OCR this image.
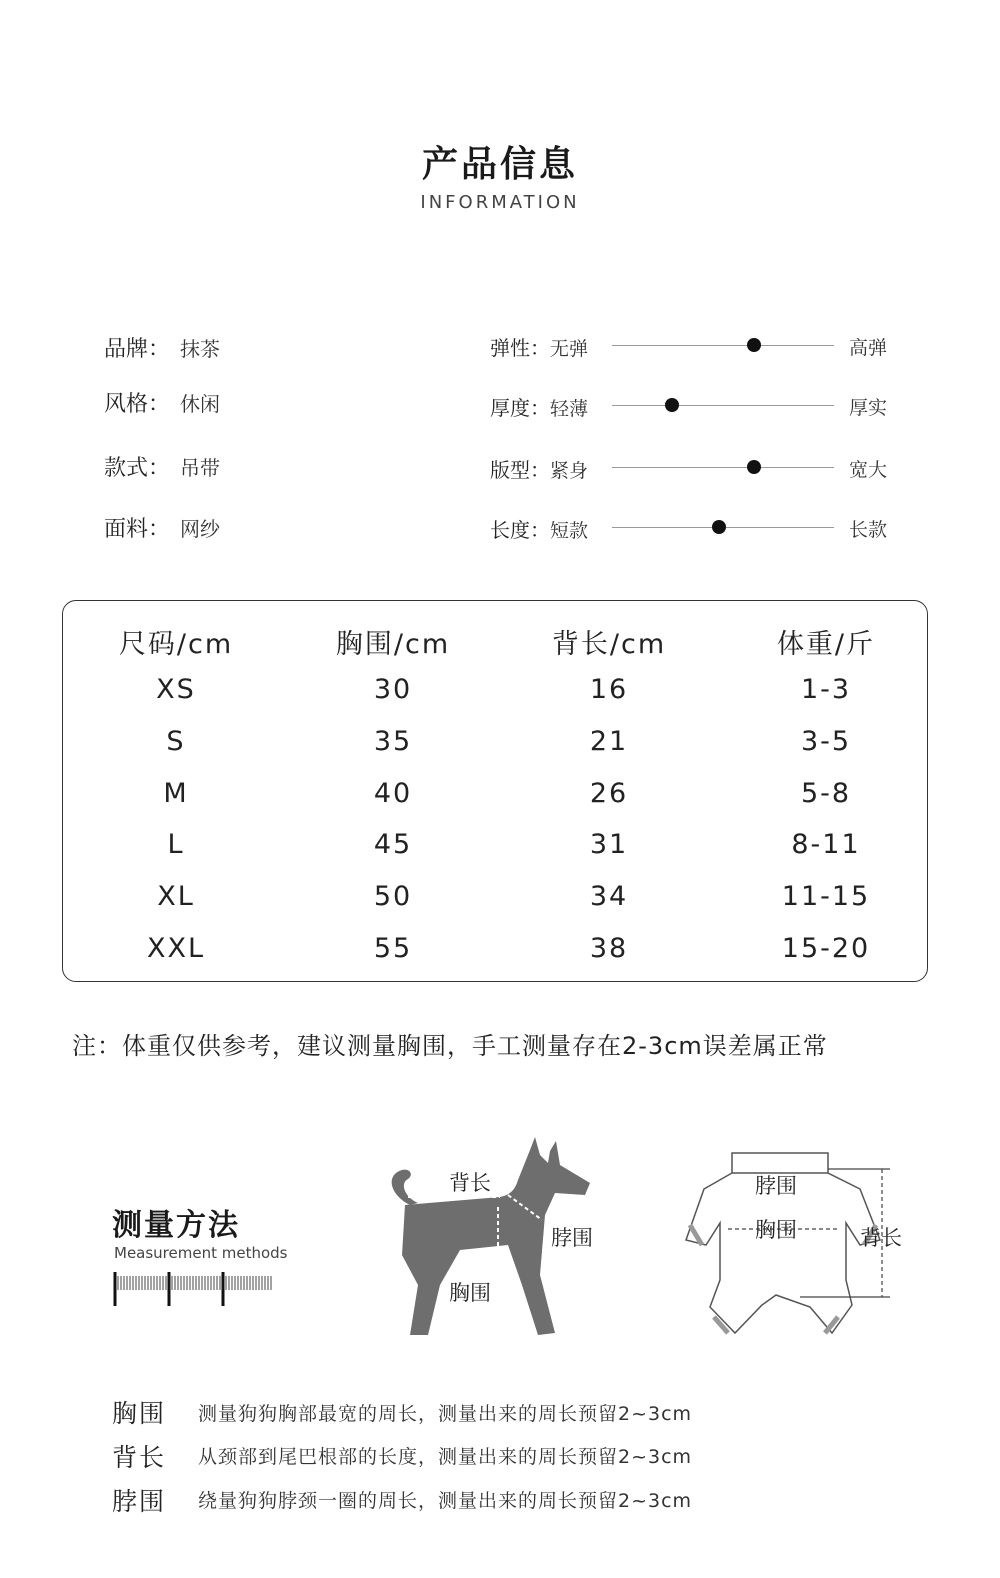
产品信息
INFORMATION
品牌： 抹茶
风格： 休闲
款式： 吊带
面料： 网纱
弹性：无弹	高弹
厚度：轻薄	厚实
版型：紧身	宽大
长度：短款	长款
尺码/cm	胸围/cm	背长/cm	体重/斤
XS	30	16	1-3
S	35	21	3-5
M	40	26	5-8
L	45	31	8-11
XL	50	34	11-15
XXL	55	38	15-20
注：体重仅供参考，建议测量胸围，手工测量存在2-3cm误差属正常
测量方法
Measurement methods
背长
脖围
胸围
脖围
胸围	背长
胸围 测量狗狗胸部最宽的周长，测量出来的周长预留2~3cm
背长 从颈部到尾巴根部的长度，测量出来的周长预留2~3cm
脖围 绕量狗狗脖颈一圈的周长，测量出来的周长预留2~3cm
